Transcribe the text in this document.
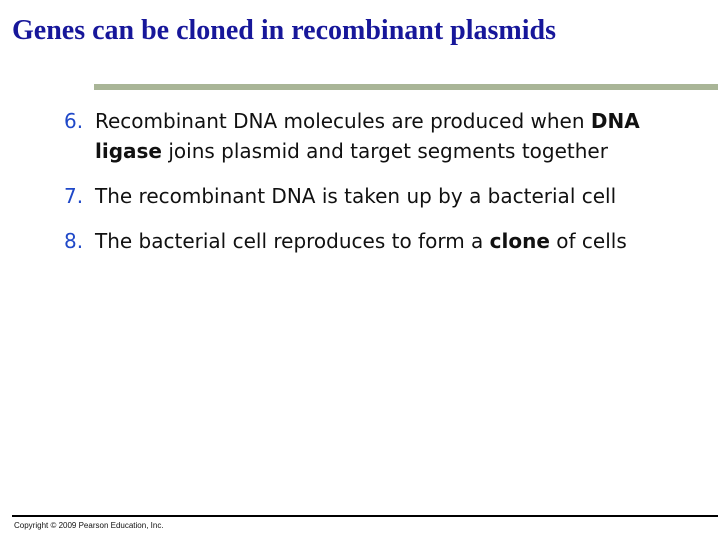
Genes can be cloned in recombinant plasmids

6. Recombinant DNA molecules are produced when DNA ligase joins plasmid and target segments together

7. The recombinant DNA is taken up by a bacterial cell

8. The bacterial cell reproduces to form a clone of cells

Copyright © 2009 Pearson Education, Inc.
